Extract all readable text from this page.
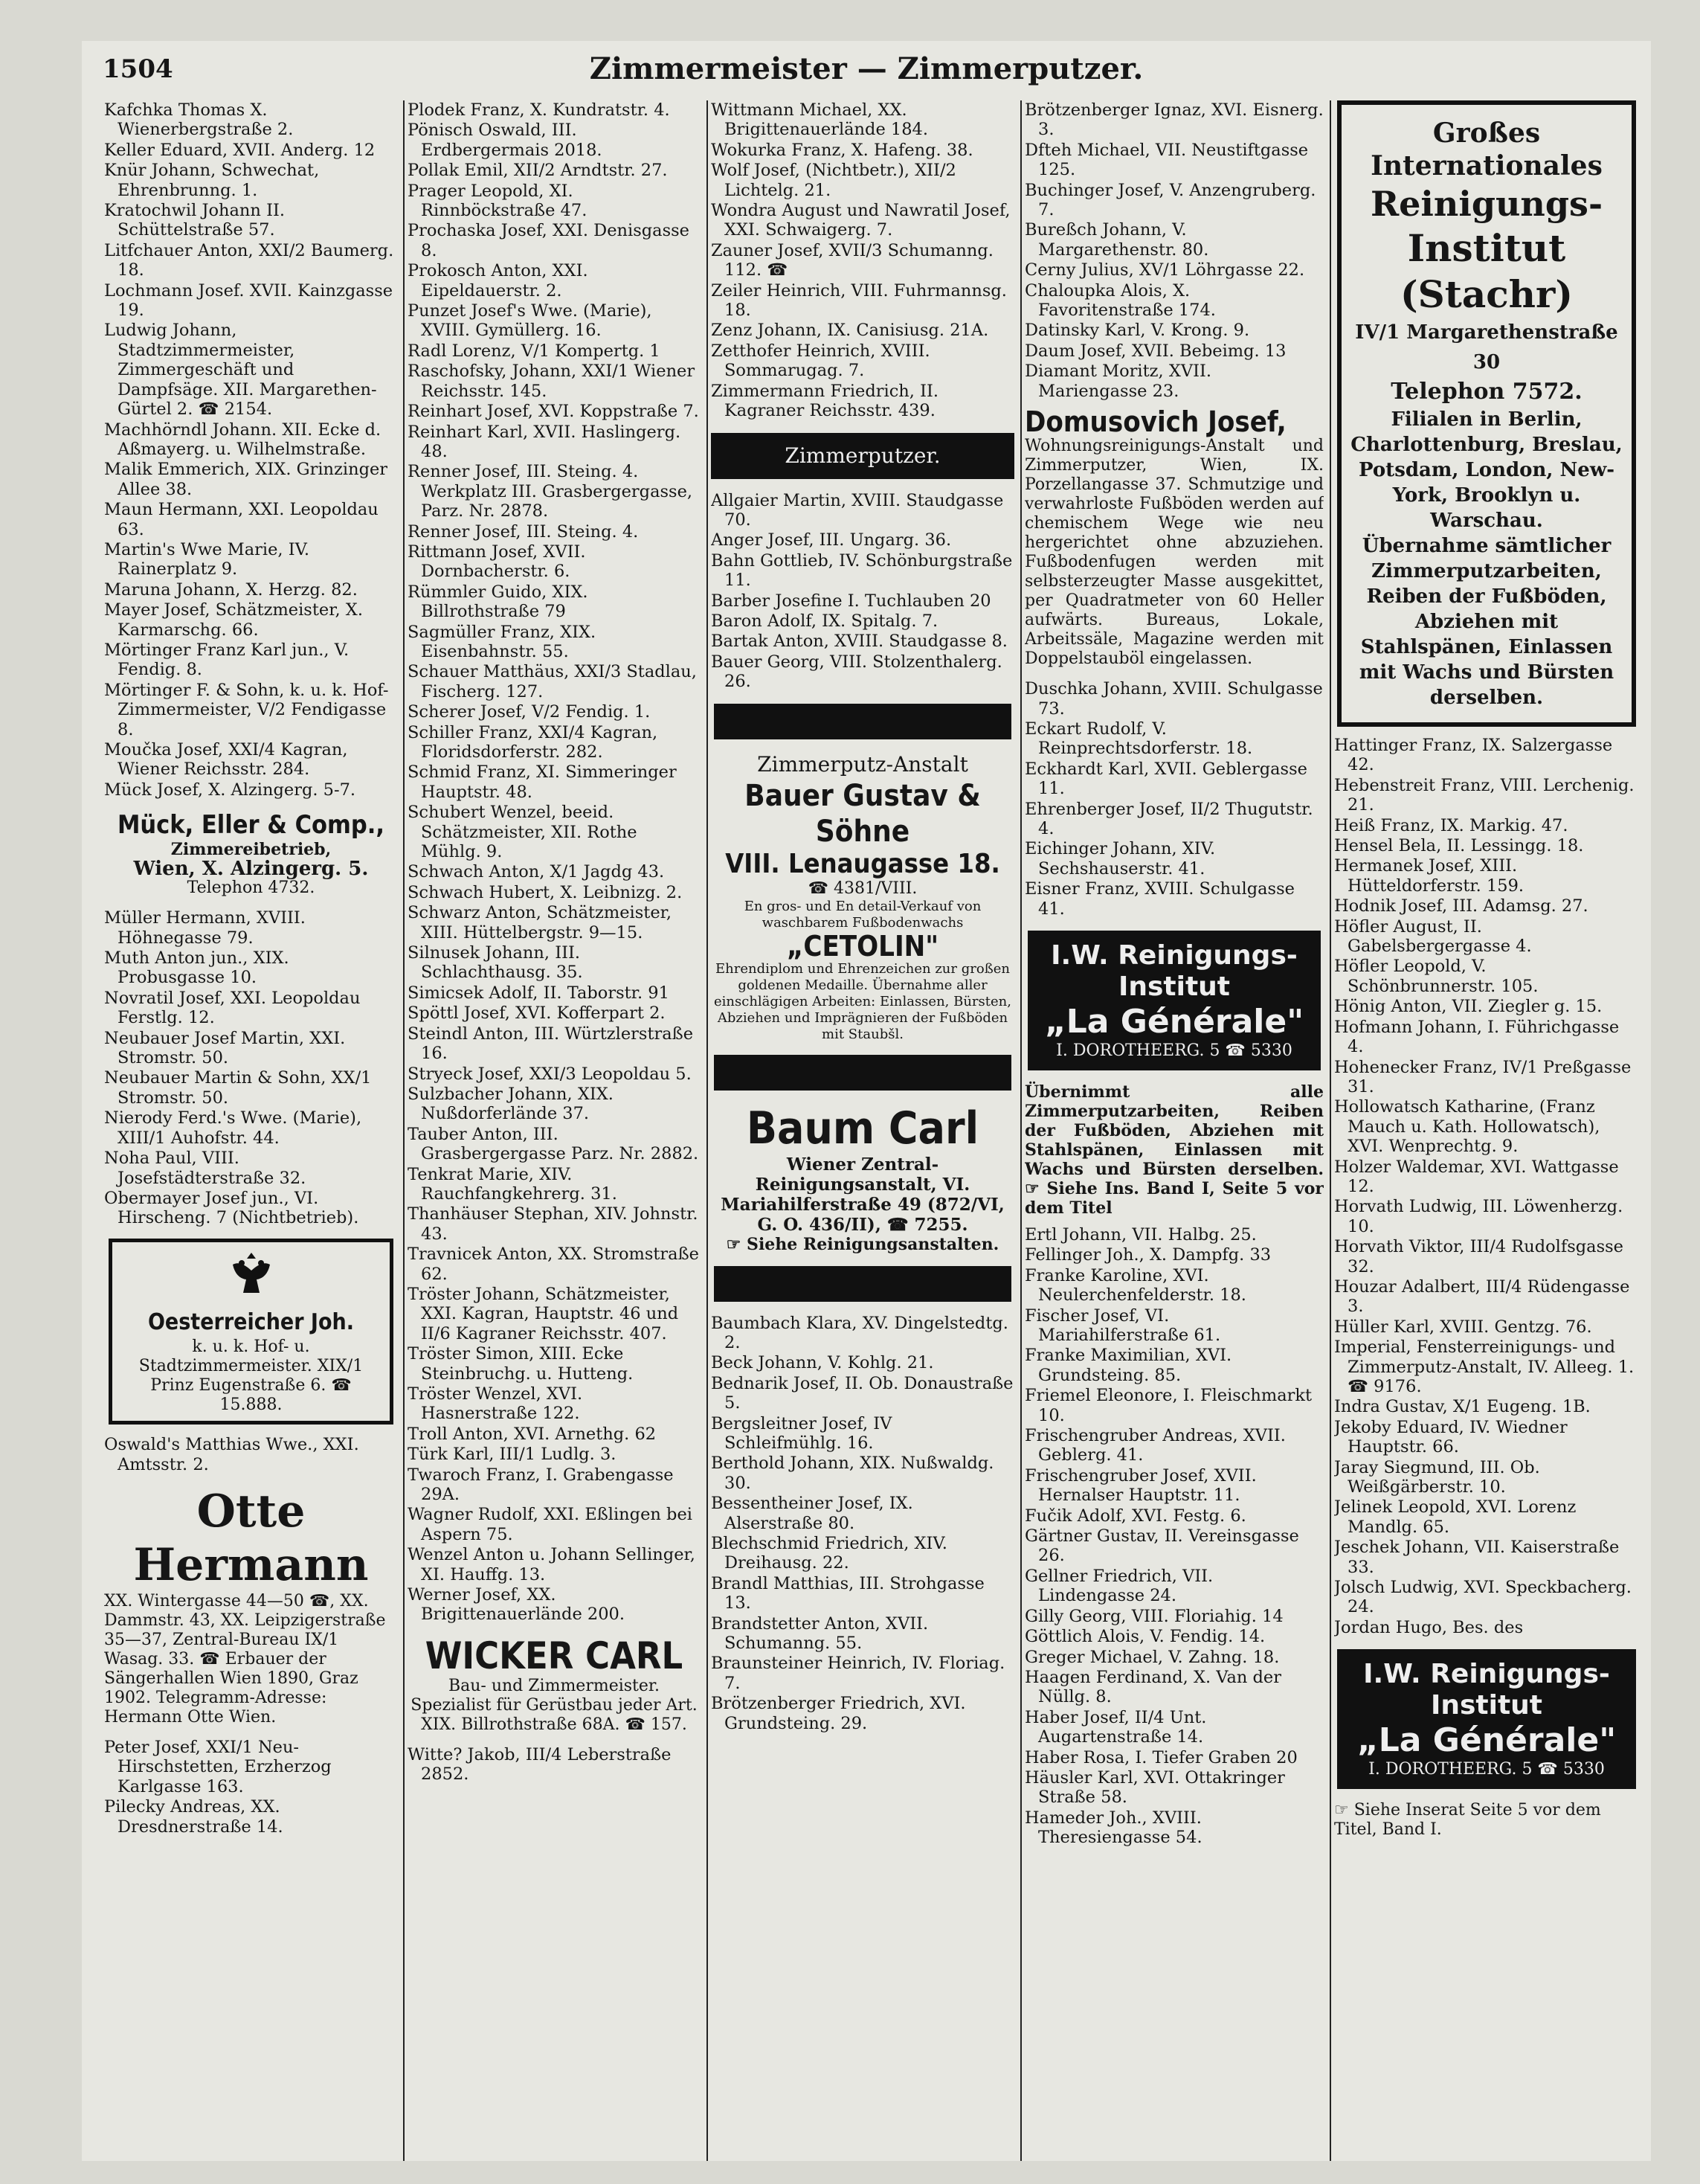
1504	Zimmermeister — Zimmerputzer.
Kafchka Thomas X. Wienerbergstraße 2.
Keller Eduard, XVII. Anderg. 12
Knür Johann, Schwechat, Ehrenbrunng. 1.
Kratochwil Johann II. Schüttelstraße 57.
Litfchauer Anton, XXI/2 Baumerg. 18.
Lochmann Josef. XVII. Kainzgasse 19.
Ludwig Johann, Stadtzimmermeister, Zimmergeschäft und Dampfsäge. XII. Margarethen-Gürtel 2. ☎ 2154.
Machhörndl Johann. XII. Ecke d. Aßmayerg. u. Wilhelmstraße.
Malik Emmerich, XIX. Grinzinger Allee 38.
Maun Hermann, XXI. Leopoldau 63.
Martin's Wwe Marie, IV. Rainerplatz 9.
Maruna Johann, X. Herzg. 82.
Mayer Josef, Schätzmeister, X. Karmarschg. 66.
Mörtinger Franz Karl jun., V. Fendig. 8.
Mörtinger F. & Sohn, k. u. k. Hof-Zimmermeister, V/2 Fendigasse 8.
Moučka Josef, XXI/4 Kagran, Wiener Reichsstr. 284.
Mück Josef, X. Alzingerg. 5-7.
Mück, Eller & Comp.,
Zimmereibetrieb,
Wien, X. Alzingerg. 5.
Telephon 4732.
Müller Hermann, XVIII. Höhnegasse 79.
Muth Anton jun., XIX. Probusgasse 10.
Novratil Josef, XXI. Leopoldau Ferstlg. 12.
Neubauer Josef Martin, XXI. Stromstr. 50.
Neubauer Martin & Sohn, XX/1 Stromstr. 50.
Nierody Ferd.'s Wwe. (Marie), XIII/1 Auhofstr. 44.
Noha Paul, VIII. Josefstädterstraße 32.
Obermayer Josef jun., VI. Hirscheng. 7 (Nichtbetrieb).
Oesterreicher Joh.
k. u. k. Hof- u. Stadtzimmermeister. XIX/1 Prinz Eugenstraße 6. ☎ 15.888.
Oswald's Matthias Wwe., XXI. Amtsstr. 2.
Otte Hermann
XX. Wintergasse 44—50 ☎, XX. Dammstr. 43, XX. Leipzigerstraße 35—37, Zentral-Bureau IX/1 Wasag. 33. ☎ Erbauer der Sängerhallen Wien 1890, Graz 1902. Telegramm-Adresse: Hermann Otte Wien.
Peter Josef, XXI/1 Neu-Hirschstetten, Erzherzog Karlgasse 163.
Pilecky Andreas, XX. Dresdnerstraße 14.
Plodek Franz, X. Kundratstr. 4.
Pönisch Oswald, III. Erdbergermais 2018.
Pollak Emil, XII/2 Arndtstr. 27.
Prager Leopold, XI. Rinnböckstraße 47.
Prochaska Josef, XXI. Denisgasse 8.
Prokosch Anton, XXI. Eipeldauerstr. 2.
Punzet Josef's Wwe. (Marie), XVIII. Gymüllerg. 16.
Radl Lorenz, V/1 Kompertg. 1
Raschofsky, Johann, XXI/1 Wiener Reichsstr. 145.
Reinhart Josef, XVI. Koppstraße 7.
Reinhart Karl, XVII. Haslingerg. 48.
Renner Josef, III. Steing. 4. Werkplatz III. Grasbergergasse, Parz. Nr. 2878.
Renner Josef, III. Steing. 4.
Rittmann Josef, XVII. Dornbacherstr. 6.
Rümmler Guido, XIX. Billrothstraße 79
Sagmüller Franz, XIX. Eisenbahnstr. 55.
Schauer Matthäus, XXI/3 Stadlau, Fischerg. 127.
Scherer Josef, V/2 Fendig. 1.
Schiller Franz, XXI/4 Kagran, Floridsdorferstr. 282.
Schmid Franz, XI. Simmeringer Hauptstr. 48.
Schubert Wenzel, beeid. Schätzmeister, XII. Rothe Mühlg. 9.
Schwach Anton, X/1 Jagdg 43.
Schwach Hubert, X. Leibnizg. 2.
Schwarz Anton, Schätzmeister, XIII. Hüttelbergstr. 9—15.
Silnusek Johann, III. Schlachthausg. 35.
Simicsek Adolf, II. Taborstr. 91
Spöttl Josef, XVI. Kofferpart 2.
Steindl Anton, III. Würtzlerstraße 16.
Stryeck Josef, XXI/3 Leopoldau 5.
Sulzbacher Johann, XIX. Nußdorferlände 37.
Tauber Anton, III. Grasbergergasse Parz. Nr. 2882.
Tenkrat Marie, XIV. Rauchfangkehrerg. 31.
Thanhäuser Stephan, XIV. Johnstr. 43.
Travnicek Anton, XX. Stromstraße 62.
Tröster Johann, Schätzmeister, XXI. Kagran, Hauptstr. 46 und II/6 Kagraner Reichsstr. 407.
Tröster Simon, XIII. Ecke Steinbruchg. u. Hutteng.
Tröster Wenzel, XVI. Hasnerstraße 122.
Troll Anton, XVI. Arnethg. 62
Türk Karl, III/1 Ludlg. 3.
Twaroch Franz, I. Grabengasse 29A.
Wagner Rudolf, XXI. Eßlingen bei Aspern 75.
Wenzel Anton u. Johann Sellinger, XI. Hauffg. 13.
Werner Josef, XX. Brigittenauerlände 200.
WICKER CARL
Bau- und Zimmermeister. Spezialist für Gerüstbau jeder Art. XIX. Billrothstraße 68A. ☎ 157.
Witte? Jakob, III/4 Leberstraße 2852.
Wittmann Michael, XX. Brigittenauerlände 184.
Wokurka Franz, X. Hafeng. 38.
Wolf Josef, (Nichtbetr.), XII/2 Lichtelg. 21.
Wondra August und Nawratil Josef, XXI. Schwaigerg. 7.
Zauner Josef, XVII/3 Schumanng. 112. ☎
Zeiler Heinrich, VIII. Fuhrmannsg. 18.
Zenz Johann, IX. Canisiusg. 21A.
Zetthofer Heinrich, XVIII. Sommarugag. 7.
Zimmermann Friedrich, II. Kagraner Reichsstr. 439.
Zimmerputzer.
Allgaier Martin, XVIII. Staudgasse 70.
Anger Josef, III. Ungarg. 36.
Bahn Gottlieb, IV. Schönburgstraße 11.
Barber Josefine I. Tuchlauben 20
Baron Adolf, IX. Spitalg. 7.
Bartak Anton, XVIII. Staudgasse 8.
Bauer Georg, VIII. Stolzenthalerg. 26.
Zimmerputz-Anstalt
Bauer Gustav & Söhne
VIII. Lenaugasse 18.
☎ 4381/VIII.
En gros- und En detail-Verkauf von waschbarem Fußbodenwachs
„CETOLIN"
Ehrendiplom und Ehrenzeichen zur großen goldenen Medaille. Übernahme aller einschlägigen Arbeiten: Einlassen, Bürsten, Abziehen und Imprägnieren der Fußböden mit Staubšl.
Baum Carl
Wiener Zentral-Reinigungsanstalt, VI. Mariahilferstraße 49 (872/VI, G. O. 436/II), ☎ 7255.
☞ Siehe Reinigungsanstalten.
Baumbach Klara, XV. Dingelstedtg. 2.
Beck Johann, V. Kohlg. 21.
Bednarik Josef, II. Ob. Donaustraße 5.
Bergsleitner Josef, IV Schleifmühlg. 16.
Berthold Johann, XIX. Nußwaldg. 30.
Bessentheiner Josef, IX. Alserstraße 80.
Blechschmid Friedrich, XIV. Dreihausg. 22.
Brandl Matthias, III. Strohgasse 13.
Brandstetter Anton, XVII. Schumanng. 55.
Braunsteiner Heinrich, IV. Floriag. 7.
Brötzenberger Friedrich, XVI. Grundsteing. 29.
Brötzenberger Ignaz, XVI. Eisnerg. 3.
Dfteh Michael, VII. Neustiftgasse 125.
Buchinger Josef, V. Anzengruberg. 7.
Bureßch Johann, V. Margarethenstr. 80.
Cerny Julius, XV/1 Löhrgasse 22.
Chaloupka Alois, X. Favoritenstraße 174.
Datinsky Karl, V. Krong. 9.
Daum Josef, XVII. Bebeimg. 13
Diamant Moritz, XVII. Mariengasse 23.
Domusovich Josef,
Wohnungsreinigungs-Anstalt und Zimmerputzer, Wien, IX. Porzellangasse 37. Schmutzige und verwahrloste Fußböden werden auf chemischem Wege wie neu hergerichtet ohne abzuziehen. Fußbodenfugen werden mit selbsterzeugter Masse ausgekittet, per Quadratmeter von 60 Heller aufwärts. Bureaus, Lokale, Arbeitssäle, Magazine werden mit Doppelstauböl eingelassen.
Duschka Johann, XVIII. Schulgasse 73.
Eckart Rudolf, V. Reinprechtsdorferstr. 18.
Eckhardt Karl, XVII. Geblergasse 11.
Ehrenberger Josef, II/2 Thugutstr. 4.
Eichinger Johann, XIV. Sechshauserstr. 41.
Eisner Franz, XVIII. Schulgasse 41.
I.W. Reinigungs-
Institut
„La Générale"
I. DOROTHEERG. 5 ☎ 5330
Übernimmt alle Zimmerputzarbeiten, Reiben der Fußböden, Abziehen mit Stahlspänen, Einlassen mit Wachs und Bürsten derselben. ☞ Siehe Ins. Band I, Seite 5 vor dem Titel
Ertl Johann, VII. Halbg. 25.
Fellinger Joh., X. Dampfg. 33
Franke Karoline, XVI. Neulerchenfelderstr. 18.
Fischer Josef, VI. Mariahilferstraße 61.
Franke Maximilian, XVI. Grundsteing. 85.
Friemel Eleonore, I. Fleischmarkt 10.
Frischengruber Andreas, XVII. Geblerg. 41.
Frischengruber Josef, XVII. Hernalser Hauptstr. 11.
Fučik Adolf, XVI. Festg. 6.
Gärtner Gustav, II. Vereinsgasse 26.
Gellner Friedrich, VII. Lindengasse 24.
Gilly Georg, VIII. Floriahig. 14
Göttlich Alois, V. Fendig. 14.
Greger Michael, V. Zahng. 18.
Haagen Ferdinand, X. Van der Nüllg. 8.
Haber Josef, II/4 Unt. Augartenstraße 14.
Haber Rosa, I. Tiefer Graben 20
Häusler Karl, XVI. Ottakringer Straße 58.
Hameder Joh., XVIII. Theresiengasse 54.
Großes
Internationales
Reinigungs-
Institut
(Stachr)
IV/1 Margarethenstraße 30
Telephon 7572.
Filialen in Berlin, Charlottenburg, Breslau, Potsdam, London, New-York, Brooklyn u. Warschau.
Übernahme sämtlicher Zimmerputzarbeiten, Reiben der Fußböden, Abziehen mit Stahlspänen, Einlassen mit Wachs und Bürsten derselben.
Hattinger Franz, IX. Salzergasse 42.
Hebenstreit Franz, VIII. Lerchenig. 21.
Heiß Franz, IX. Markig. 47.
Hensel Bela, II. Lessingg. 18.
Hermanek Josef, XIII. Hütteldorferstr. 159.
Hodnik Josef, III. Adamsg. 27.
Höfler August, II. Gabelsbergergasse 4.
Höfler Leopold, V. Schönbrunnerstr. 105.
Hönig Anton, VII. Ziegler g. 15.
Hofmann Johann, I. Führichgasse 4.
Hohenecker Franz, IV/1 Preßgasse 31.
Hollowatsch Katharine, (Franz Mauch u. Kath. Hollowatsch), XVI. Wenprechtg. 9.
Holzer Waldemar, XVI. Wattgasse 12.
Horvath Ludwig, III. Löwenherzg. 10.
Horvath Viktor, III/4 Rudolfsgasse 32.
Houzar Adalbert, III/4 Rüdengasse 3.
Hüller Karl, XVIII. Gentzg. 76.
Imperial, Fensterreinigungs- und Zimmerputz-Anstalt, IV. Alleeg. 1. ☎ 9176.
Indra Gustav, X/1 Eugeng. 1B.
Jekoby Eduard, IV. Wiedner Hauptstr. 66.
Jaray Siegmund, III. Ob. Weißgärberstr. 10.
Jelinek Leopold, XVI. Lorenz Mandlg. 65.
Jeschek Johann, VII. Kaiserstraße 33.
Jolsch Ludwig, XVI. Speckbacherg. 24.
Jordan Hugo, Bes. des
I.W. Reinigungs-
Institut
„La Générale"
I. DOROTHEERG. 5 ☎ 5330
☞ Siehe Inserat Seite 5 vor dem Titel, Band I.
